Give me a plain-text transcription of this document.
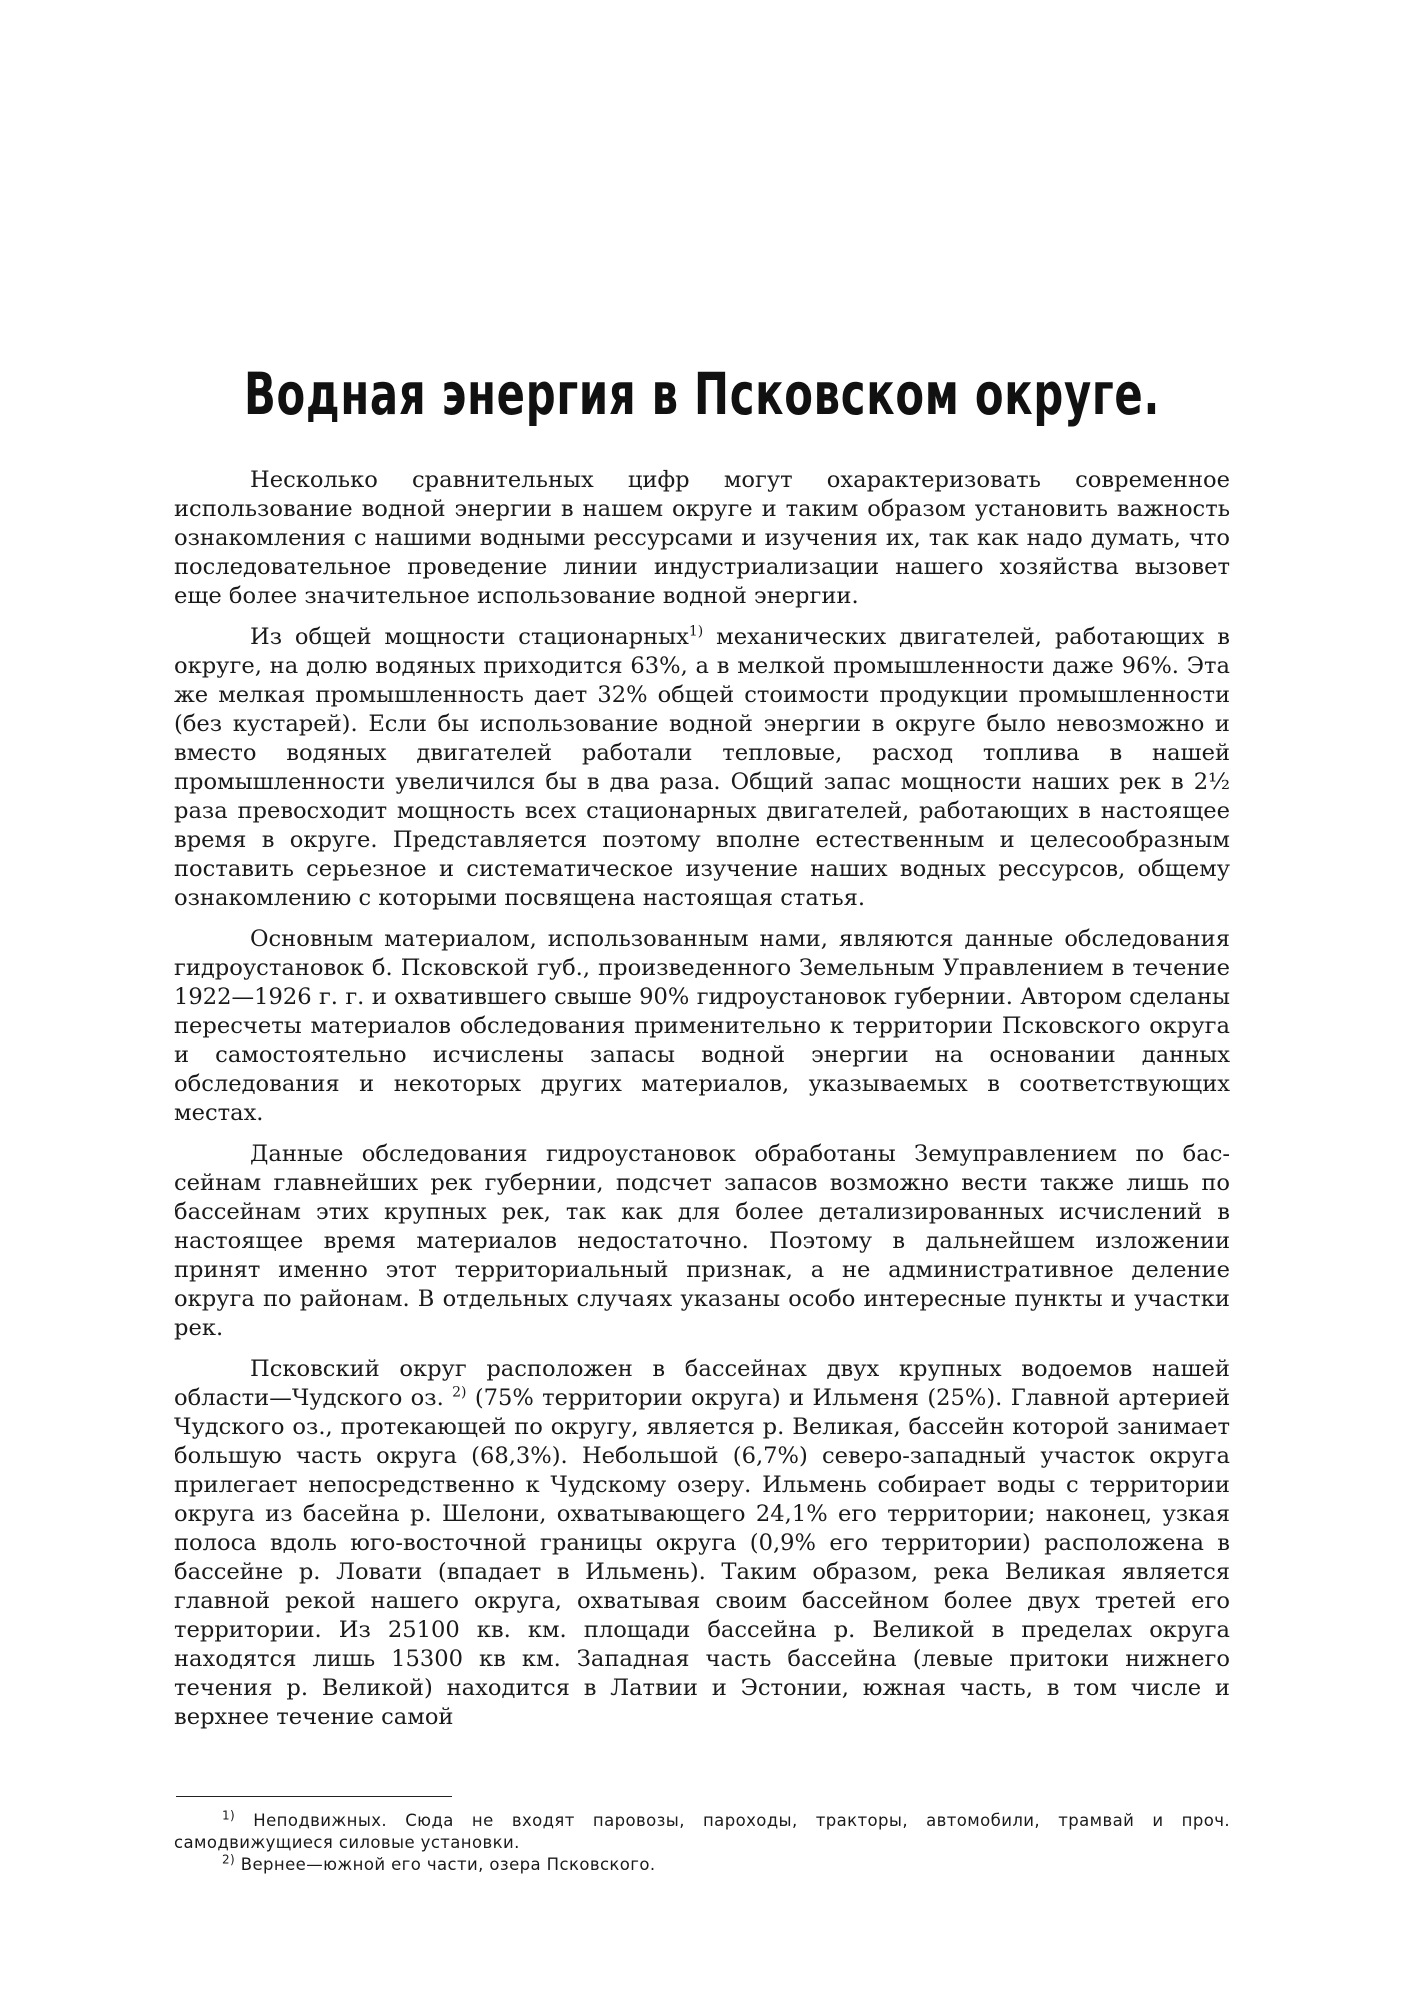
Водная энергия в Псковском округе.

Несколько сравнительных цифр могут охарактеризовать современное использование водной энергии в нашем округе и таким образом установить важность ознакомления с нашими водными рессурсами и изучения их, так как надо думать, что последовательное проведение линии индустриализации нашего хозяйства вызовет еще более значительное использование водной энергии.

Из общей мощности стационарных$^{1)}$ механических двигателей, работающих в округе, на долю водяных приходится 63%, а в мелкой промышленности даже 96%. Эта же мелкая промышленность дает 32% общей стоимости продукции промышленности (без кустарей). Если бы использование водной энергии в округе было невозможно и вместо водяных двигателей работали тепловые, расход топлива в нашей промышленности увеличился бы в два раза. Общий запас мощности наших рек в 2½ раза превосходит мощность всех стационарных двигателей, работающих в настоящее время в округе. Представляется поэтому вполне естественным и целесообразным поставить серьезное и систематическое изучение наших водных рессурсов, общему ознакомлению с которыми посвящена настоящая статья.

Основным материалом, использованным нами, являются данные обследования гидроустановок б. Псковской губ., произведенного Земельным Управлением в течение 1922—1926 г. г. и охватившего свыше 90% гидроустановок губернии. Автором сделаны пересчеты материалов обследования применительно к территории Псковского округа и самостоятельно исчислены запасы водной энергии на основании данных обследования и некоторых других материалов, указываемых в соответствующих местах.

Данные обследования гидроустановок обработаны Земуправлением по бассейнам главнейших рек губернии, подсчет запасов возможно вести также лишь по бассейнам этих крупных рек, так как для более детализированных исчислений в настоящее время материалов недостаточно. Поэтому в дальнейшем изложении принят именно этот территориальный признак, а не административное деление округа по районам. В отдельных случаях указаны особо интересные пункты и участки рек.

Псковский округ расположен в бассейнах двух крупных водоемов нашей области—Чудского оз. $^{2)}$ (75% территории округа) и Ильменя (25%). Главной артерией Чудского оз., протекающей по округу, является р. Великая, бассейн которой занимает большую часть округа (68,3%). Небольшой (6,7%) северо-западный участок округа прилегает непосредственно к Чудскому озеру. Ильмень собирает воды с территории округа из басейна р. Шелони, охватывающего 24,1% его территории; наконец, узкая полоса вдоль юго-восточной границы округа (0,9% его территории) расположена в бассейне р. Ловати (впадает в Ильмень). Таким образом, река Великая является главной рекой нашего округа, охватывая своим бассейном более двух третей его территории. Из 25100 кв. км. площади бассейна р. Великой в пределах округа находятся лишь 15300 кв км. Западная часть бассейна (левые притоки нижнего течения р. Великой) находится в Латвии и Эстонии, южная часть, в том числе и верхнее течение самой

$^{1)}$ Неподвижных. Сюда не входят паровозы, пароходы, тракторы, автомобили, трамвай и проч. самодвижущиеся силовые установки.

$^{2)}$ Вернее—южной его части, озера Псковского.
